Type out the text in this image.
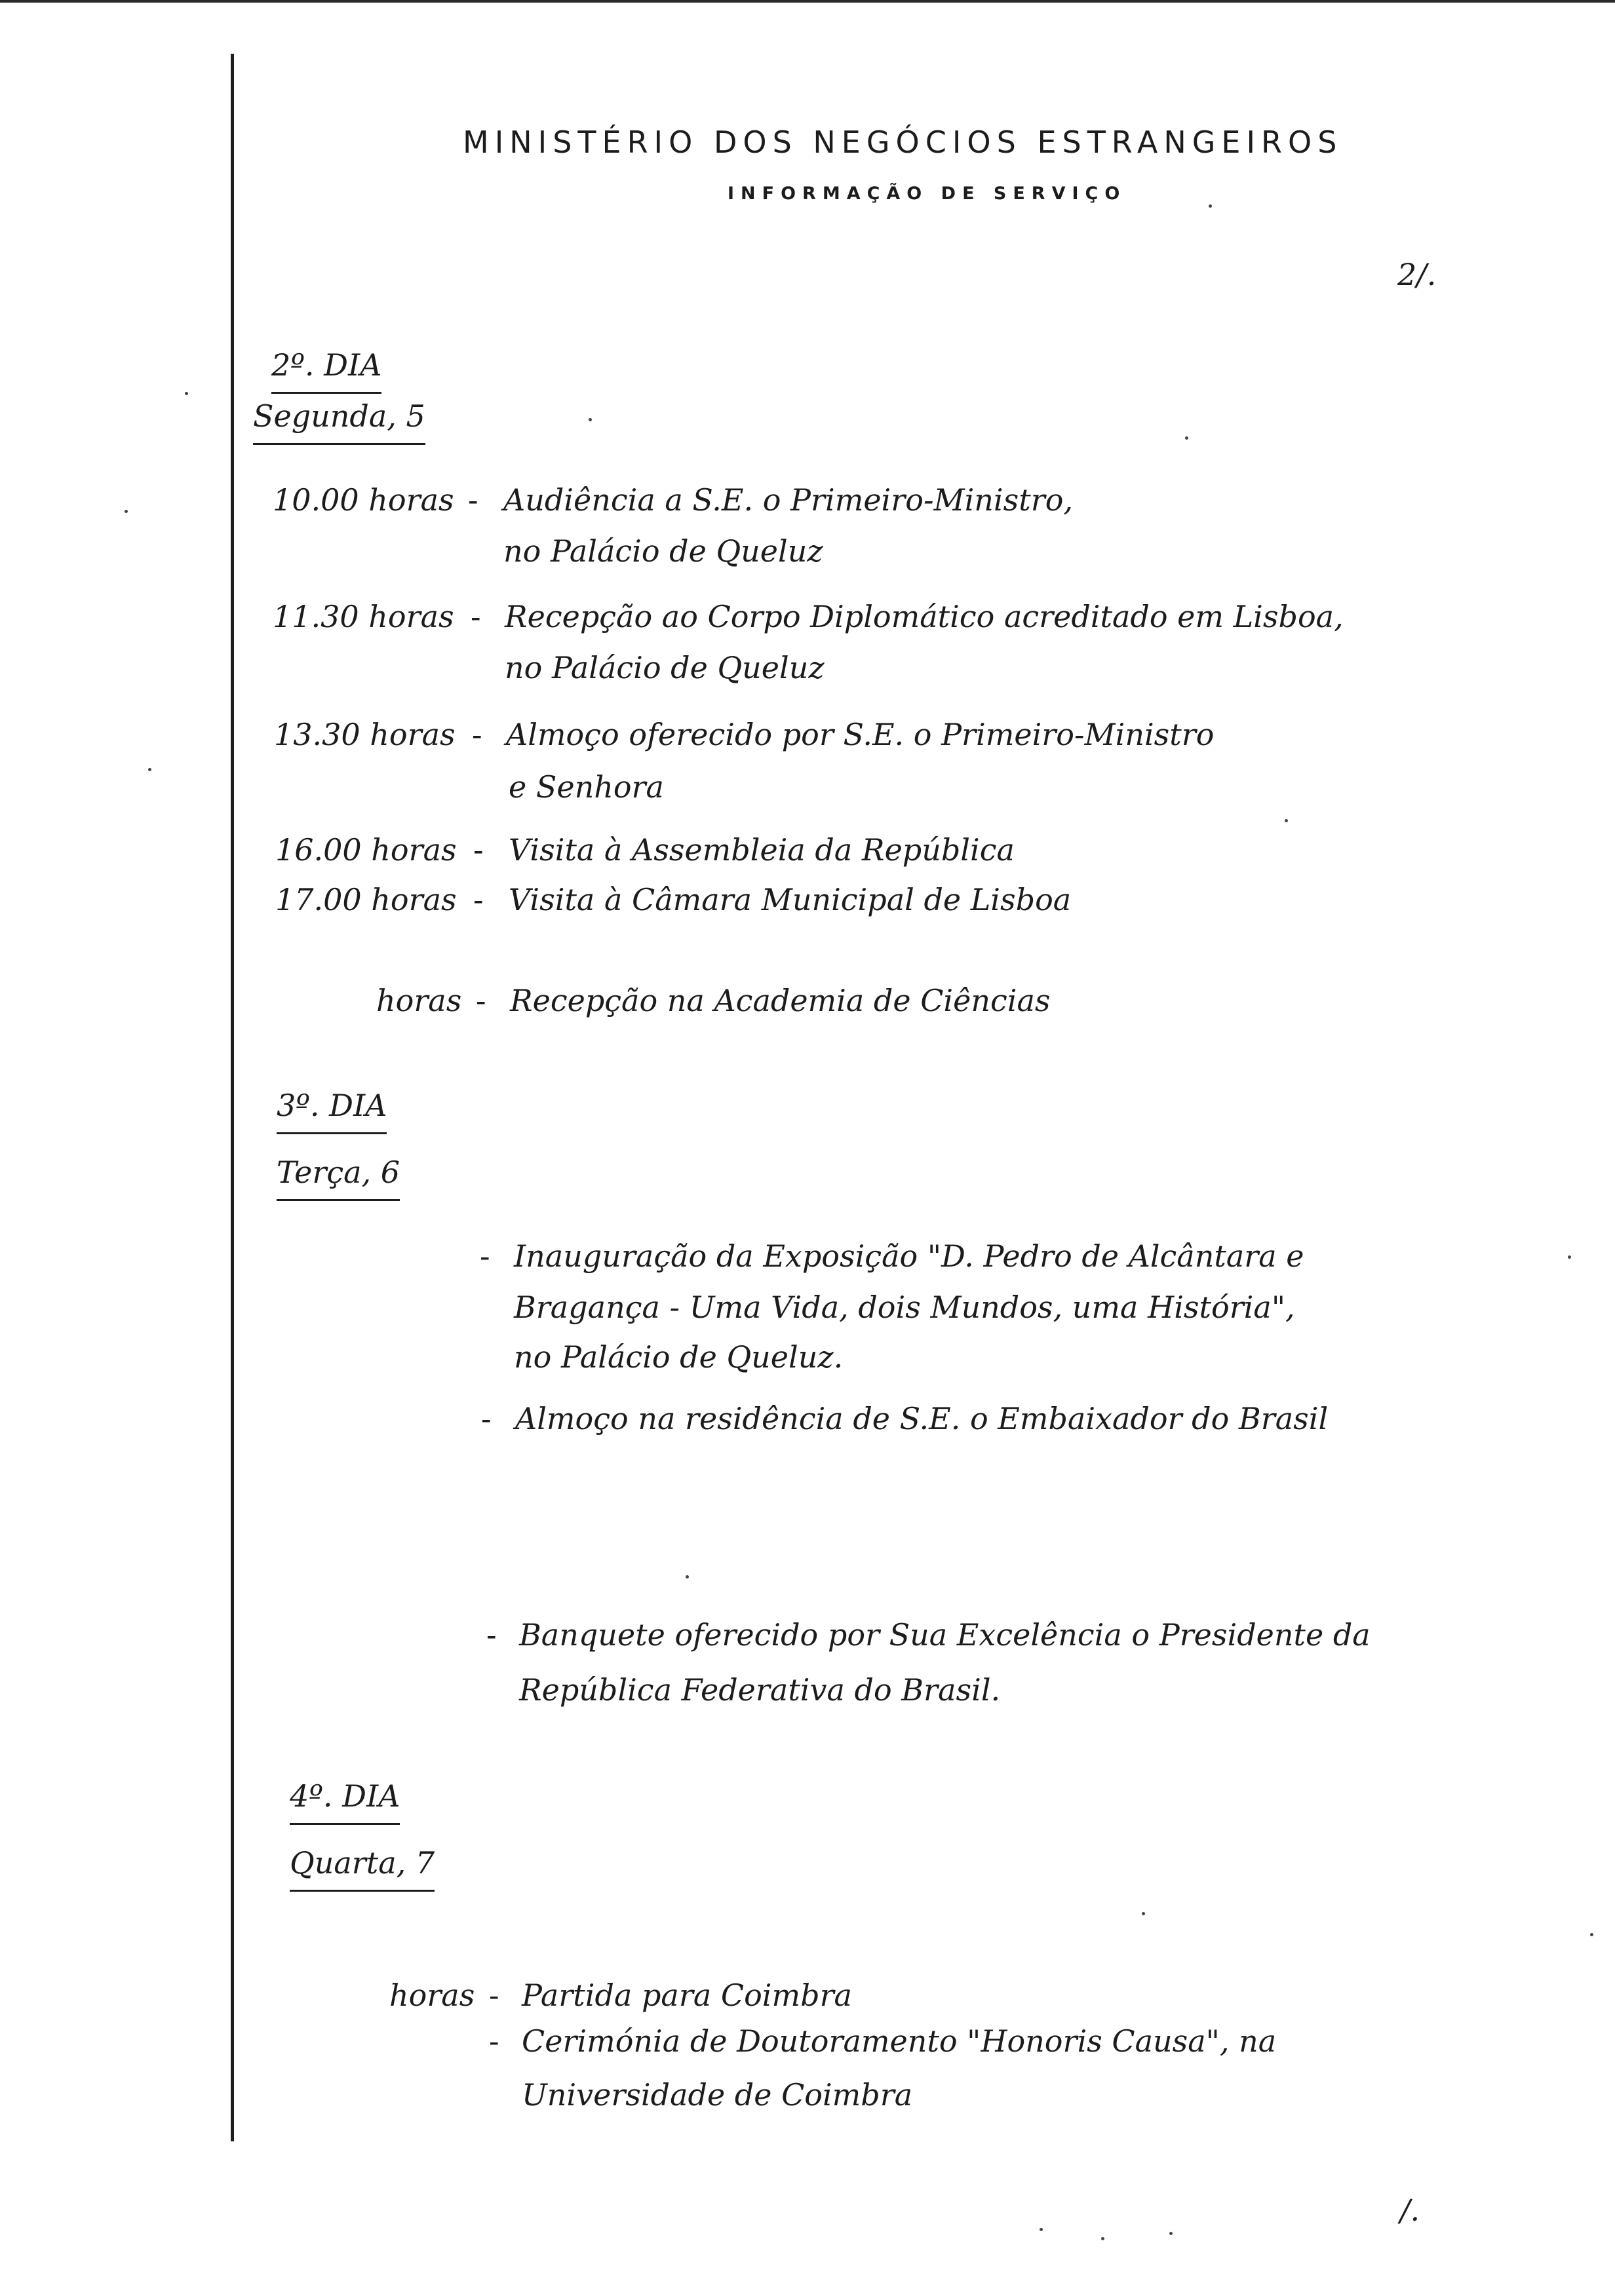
MINISTÉRIO DOS NEGÓCIOS ESTRANGEIROS
INFORMAÇÃO DE SERVIÇO
2/.
2º. DIA
Segunda, 5
10.00 horas - Audiência a S.E. o Primeiro-Ministro,
no Palácio de Queluz
11.30 horas - Recepção ao Corpo Diplomático acreditado em Lisboa,
no Palácio de Queluz
13.30 horas - Almoço oferecido por S.E. o Primeiro-Ministro
e Senhora
16.00 horas - Visita à Assembleia da República
17.00 horas - Visita à Câmara Municipal de Lisboa
horas - Recepção na Academia de Ciências
3º. DIA
Terça, 6
- Inauguração da Exposição "D. Pedro de Alcântara e
Bragança - Uma Vida, dois Mundos, uma História",
no Palácio de Queluz.
- Almoço na residência de S.E. o Embaixador do Brasil
- Banquete oferecido por Sua Excelência o Presidente da
República Federativa do Brasil.
4º. DIA
Quarta, 7
horas - Partida para Coimbra
- Cerimónia de Doutoramento "Honoris Causa", na
Universidade de Coimbra
/.
